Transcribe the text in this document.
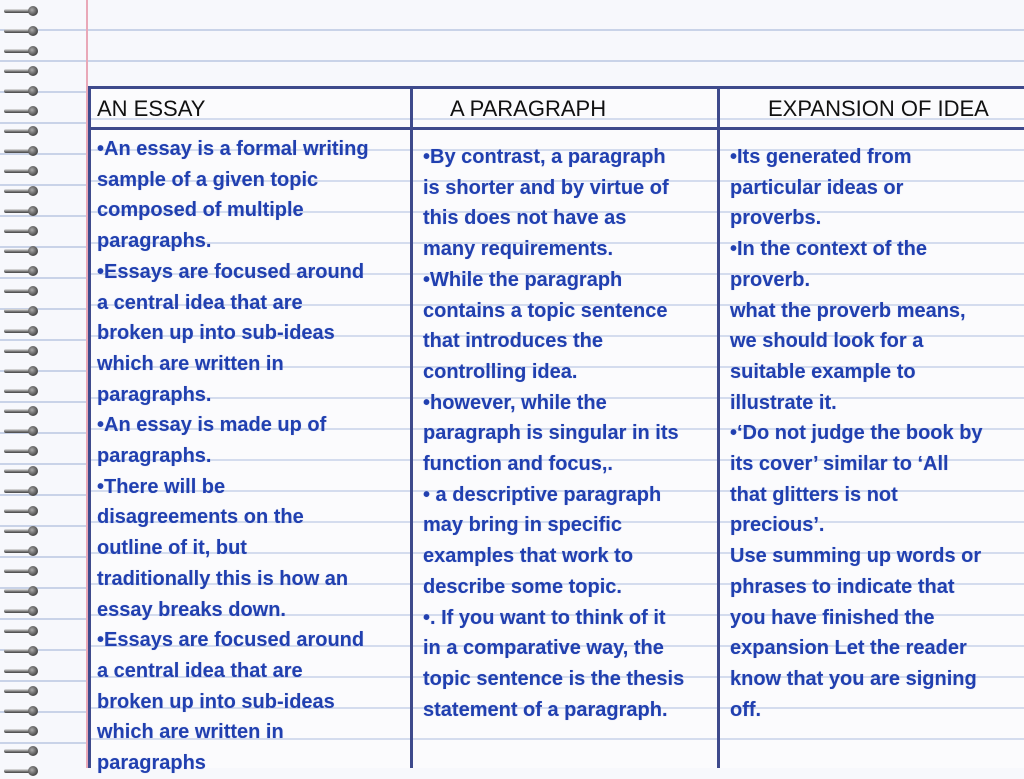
AN ESSAY
•An essay is a formal writing
sample of a given topic
composed of multiple
paragraphs.
•Essays are focused around
a central idea that are
broken up into sub-ideas
which are written in
paragraphs.
•An essay is made up of
paragraphs.
•There will be
disagreements on the
outline of it, but
traditionally this is how an
essay breaks down.
•Essays are focused around
a central idea that are
broken up into sub-ideas
which are written in
paragraphs
A PARAGRAPH
•By contrast, a paragraph
is shorter and by virtue of
this does not have as
many requirements.
•While the paragraph
contains a topic sentence
that introduces the
controlling idea.
•however, while the
paragraph is singular in its
function and focus,.
• a descriptive paragraph
may bring in specific
examples that work to
describe some topic.
•. If you want to think of it
in a comparative way, the
topic sentence is the thesis
statement of a paragraph.
EXPANSION OF IDEA
•Its generated from
particular ideas or
proverbs.
•In the context of the
proverb.
what the proverb means,
we should look for a
suitable example to
illustrate it.
•‘Do not judge the book by
its cover’ similar to ‘All
that glitters is not
precious’.
Use summing up words or
phrases to indicate that
you have finished the
expansion Let the reader
know that you are signing
off.
